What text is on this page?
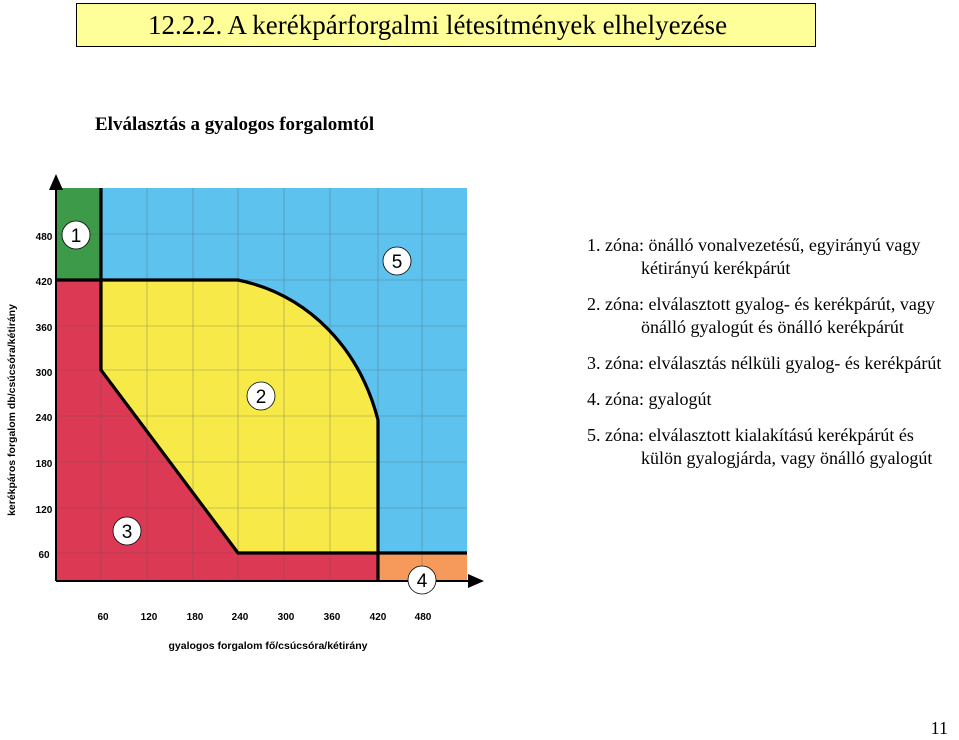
12.2.2. A kerékpárforgalmi létesítmények elhelyezése
Elválasztás a gyalogos forgalomtól
1
5
2
3
4
480
420
360
300
240
180
120
60
60	120	180	240	300	360	420	480
gyalogos forgalom fő/csúcsóra/kétirány
kerékpáros forgalom db/csúcsóra/kétirány
1. zóna: önálló vonalvezetésű, egyirányú vagy kétirányú kerékpárút
2. zóna: elválasztott gyalog- és kerékpárút, vagy önálló gyalogút és önálló kerékpárút
3. zóna: elválasztás nélküli gyalog- és kerékpárút
4. zóna: gyalogút
5. zóna: elválasztott kialakítású kerékpárút és külön gyalogjárda, vagy önálló gyalogút
11
